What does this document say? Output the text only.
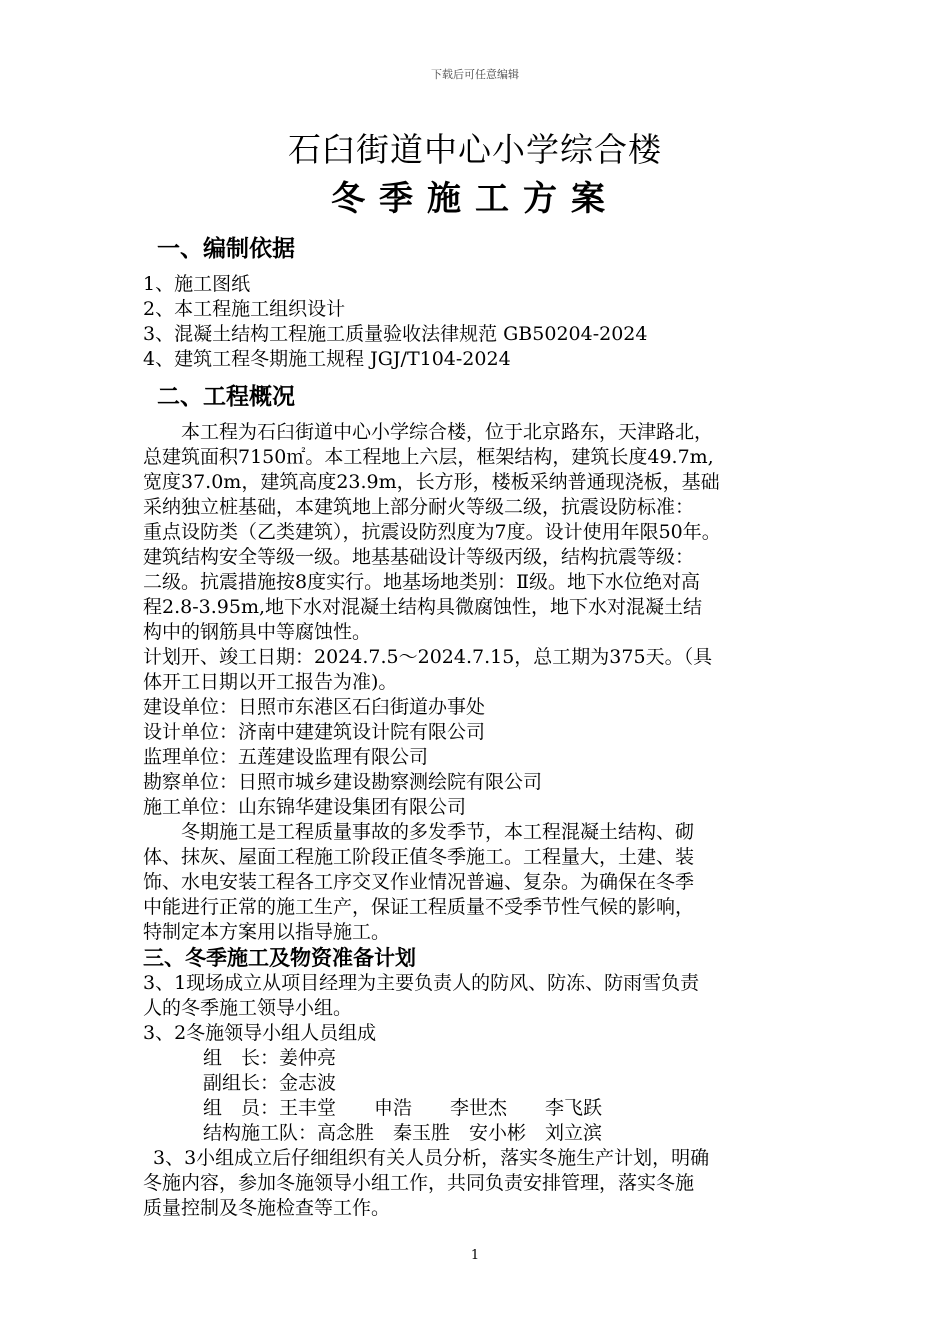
下载后可任意编辑
石臼街道中心小学综合楼
冬季施工方案
一、编制依据
1、施工图纸
2、本工程施工组织设计
3、混凝土结构工程施工质量验收法律规范 GB50204-2024
4、建筑工程冬期施工规程 JGJ/T104-2024
二、工程概况
本工程为石臼街道中心小学综合楼，位于北京路东，天津路北，
总建筑面积7150㎡。本工程地上六层，框架结构，建筑长度49.7m,
宽度37.0m，建筑高度23.9m，长方形，楼板采纳普通现浇板，基础
采纳独立桩基础，本建筑地上部分耐火等级二级，抗震设防标准：
重点设防类（乙类建筑），抗震设防烈度为7度。设计使用年限50年。
建筑结构安全等级一级。地基基础设计等级丙级，结构抗震等级：
二级。抗震措施按8度实行。地基场地类别：Ⅱ级。地下水位绝对高
程2.8-3.95m,地下水对混凝土结构具微腐蚀性，地下水对混凝土结
构中的钢筋具中等腐蚀性。
计划开、竣工日期：2024.7.5～2024.7.15，总工期为375天。（具
体开工日期以开工报告为准)。
建设单位：日照市东港区石臼街道办事处
设计单位：济南中建建筑设计院有限公司
监理单位：五莲建设监理有限公司
勘察单位：日照市城乡建设勘察测绘院有限公司
施工单位：山东锦华建设集团有限公司
冬期施工是工程质量事故的多发季节，本工程混凝土结构、砌
体、抹灰、屋面工程施工阶段正值冬季施工。工程量大，土建、装
饰、水电安装工程各工序交叉作业情况普遍、复杂。为确保在冬季
中能进行正常的施工生产，保证工程质量不受季节性气候的影响，
特制定本方案用以指导施工。
三、冬季施工及物资准备计划
3、1现场成立从项目经理为主要负责人的防风、防冻、防雨雪负责
人的冬季施工领导小组。
3、2冬施领导小组人员组成
组　长：姜仲亮
副组长：金志波
组　员：王丰堂　　申浩　　李世杰　　李飞跃
结构施工队：高念胜　秦玉胜　安小彬　刘立滨
3、3小组成立后仔细组织有关人员分析，落实冬施生产计划，明确
冬施内容，参加冬施领导小组工作，共同负责安排管理，落实冬施
质量控制及冬施检查等工作。
1
